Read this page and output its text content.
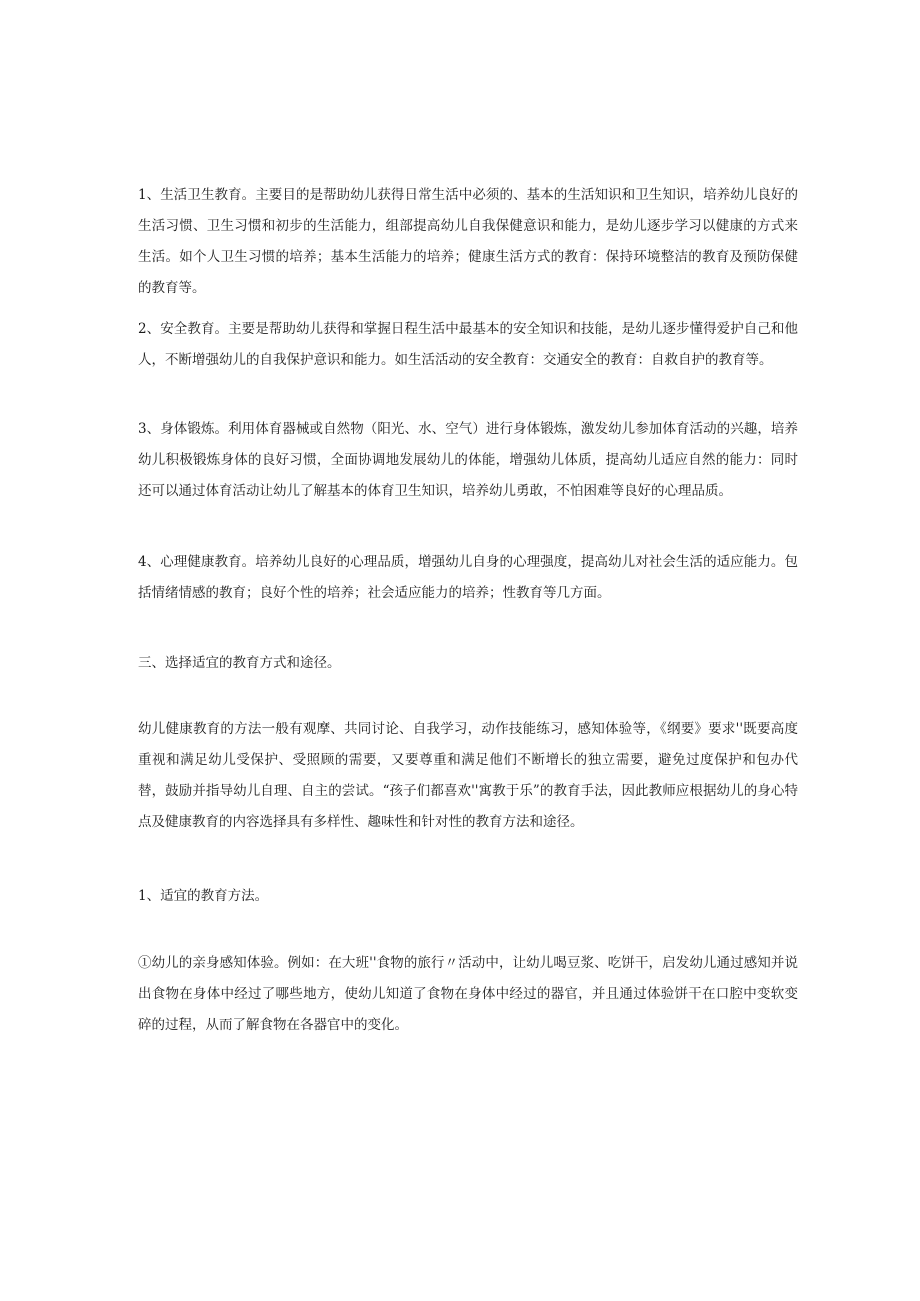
1、生活卫生教育。主要目的是帮助幼儿获得日常生活中必须的、基本的生活知识和卫生知识，培养幼儿良好的生活习惯、卫生习惯和初步的生活能力，组部提高幼儿自我保健意识和能力，是幼儿逐步学习以健康的方式来生活。如个人卫生习惯的培养；基本生活能力的培养；健康生活方式的教育：保持环境整洁的教育及预防保健的教育等。

2、安全教育。主要是帮助幼儿获得和掌握日程生活中最基本的安全知识和技能，是幼儿逐步懂得爱护自己和他人，不断增强幼儿的自我保护意识和能力。如生活活动的安全教育：交通安全的教育：自救自护的教育等。

3、身体锻炼。利用体育器械或自然物（阳光、水、空气）进行身体锻炼，激发幼儿参加体育活动的兴趣，培养幼儿积极锻炼身体的良好习惯，全面协调地发展幼儿的体能，增强幼儿体质，提高幼儿适应自然的能力：同时还可以通过体育活动让幼儿了解基本的体育卫生知识，培养幼儿勇敢，不怕困难等良好的心理品质。

4、心理健康教育。培养幼儿良好的心理品质，增强幼儿自身的心理强度，提高幼儿对社会生活的适应能力。包括情绪情感的教育；良好个性的培养；社会适应能力的培养；性教育等几方面。

三、选择适宜的教育方式和途径。

幼儿健康教育的方法一般有观摩、共同讨论、自我学习，动作技能练习，感知体验等，《纲要》要求''既要高度重视和满足幼儿受保护、受照顾的需要，又要尊重和满足他们不断增长的独立需要，避免过度保护和包办代替，鼓励并指导幼儿自理、自主的尝试。“孩子们都喜欢''寓教于乐”的教育手法，因此教师应根据幼儿的身心特点及健康教育的内容选择具有多样性、趣味性和针对性的教育方法和途径。

1、适宜的教育方法。

①幼儿的亲身感知体验。例如：在大班''食物的旅行〃活动中，让幼儿喝豆浆、吃饼干，启发幼儿通过感知并说出食物在身体中经过了哪些地方，使幼儿知道了食物在身体中经过的器官，并且通过体验饼干在口腔中变软变碎的过程，从而了解食物在各器官中的变化。
